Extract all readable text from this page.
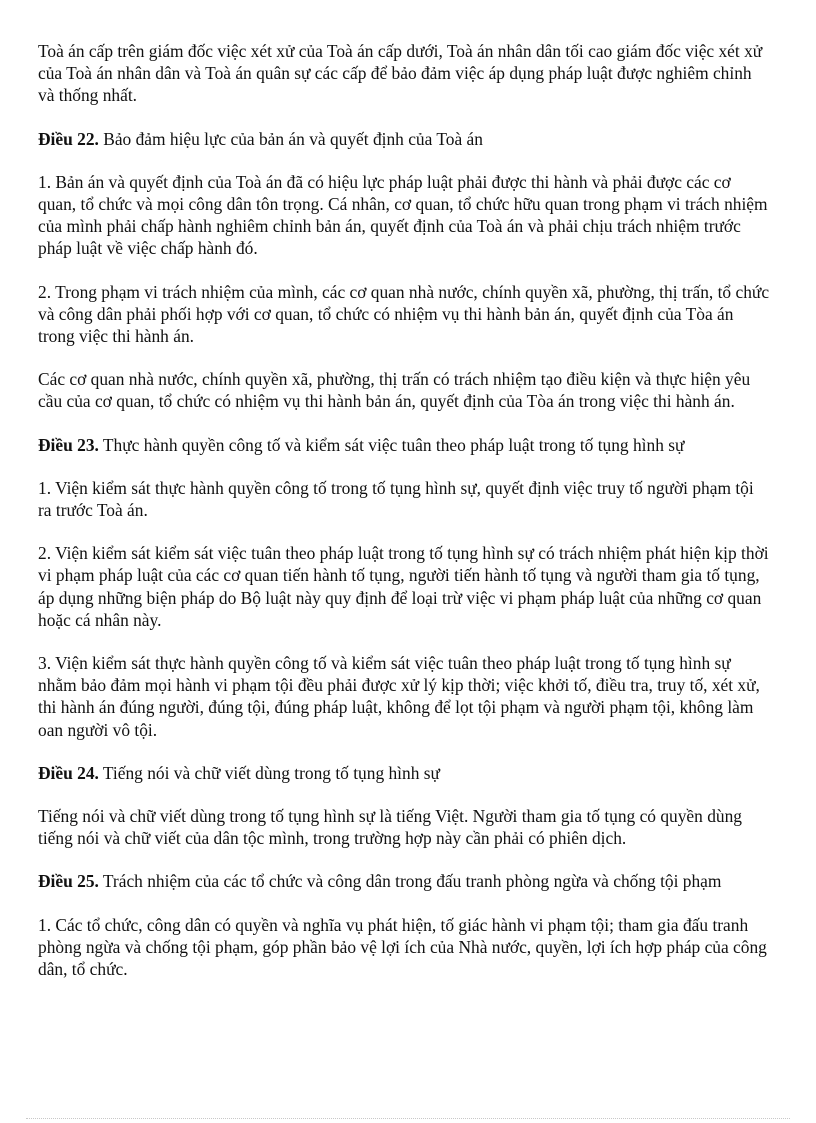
Toà án cấp trên giám đốc việc xét xử của Toà án cấp dưới, Toà án nhân dân tối cao giám đốc việc xét xử của Toà án nhân dân và Toà án quân sự các cấp để bảo đảm việc áp dụng pháp luật được nghiêm chỉnh và thống nhất.

Điều 22. Bảo đảm hiệu lực của bản án và quyết định của Toà án

1. Bản án và quyết định của Toà án đã có hiệu lực pháp luật phải được thi hành và phải được các cơ quan, tổ chức và mọi công dân tôn trọng. Cá nhân, cơ quan, tổ chức hữu quan trong phạm vi trách nhiệm của mình phải chấp hành nghiêm chỉnh bản án, quyết định của Toà án và phải chịu trách nhiệm trước pháp luật về việc chấp hành đó.

2. Trong phạm vi trách nhiệm của mình, các cơ quan nhà nước, chính quyền xã, phường, thị trấn, tổ chức và công dân phải phối hợp với cơ quan, tổ chức có nhiệm vụ thi hành bản án, quyết định của Tòa án trong việc thi hành án.

Các cơ quan nhà nước, chính quyền xã, phường, thị trấn có trách nhiệm tạo điều kiện và thực hiện yêu cầu của cơ quan, tổ chức có nhiệm vụ thi hành bản án, quyết định của Tòa án trong việc thi hành án.

Điều 23. Thực hành quyền công tố và kiểm sát việc tuân theo pháp luật trong tố tụng hình sự

1. Viện kiểm sát thực hành quyền công tố trong tố tụng hình sự, quyết định việc truy tố người phạm tội ra trước Toà án.

2. Viện kiểm sát kiểm sát việc tuân theo pháp luật trong tố tụng hình sự có trách nhiệm phát hiện kịp thời vi phạm pháp luật của các cơ quan tiến hành tố tụng, người tiến hành tố tụng và người tham gia tố tụng, áp dụng những biện pháp do Bộ luật này quy định để loại trừ việc vi phạm pháp luật của những cơ quan hoặc cá nhân này.

3. Viện kiểm sát thực hành quyền công tố và kiểm sát việc tuân theo pháp luật trong tố tụng hình sự nhằm bảo đảm mọi hành vi phạm tội đều phải được xử lý kịp thời; việc khởi tố, điều tra, truy tố, xét xử, thi hành án đúng người, đúng tội, đúng pháp luật, không để lọt tội phạm và người phạm tội, không làm oan người vô tội.

Điều 24. Tiếng nói và chữ viết dùng trong tố tụng hình sự

Tiếng nói và chữ viết dùng trong tố tụng hình sự là tiếng Việt. Người tham gia tố tụng có quyền dùng tiếng nói và chữ viết của dân tộc mình, trong trường hợp này cần phải có phiên dịch.

Điều 25. Trách nhiệm của các tổ chức và công dân trong đấu tranh phòng ngừa và chống tội phạm

1. Các tổ chức, công dân có quyền và nghĩa vụ phát hiện, tố giác hành vi phạm tội; tham gia đấu tranh phòng ngừa và chống tội phạm, góp phần bảo vệ lợi ích của Nhà nước, quyền, lợi ích hợp pháp của công dân, tổ chức.
